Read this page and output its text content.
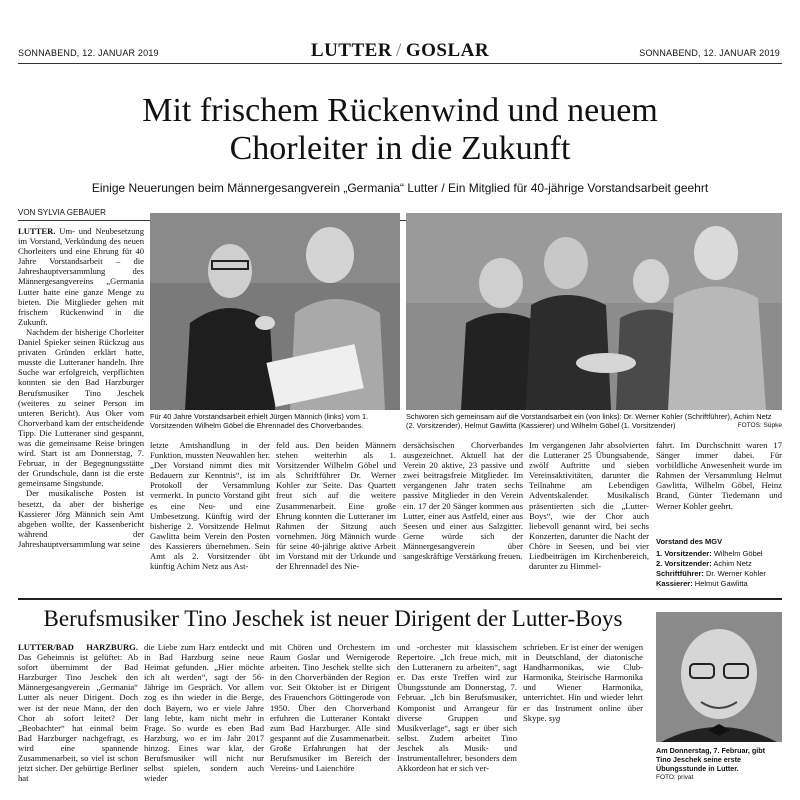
SONNABEND, 12. JANUAR 2019	LUTTER / GOSLAR	SONNABEND, 12. JANUAR 2019
Mit frischem Rückenwind und neuem
Chorleiter in die Zukunft
Einige Neuerungen beim Männergesangverein „Germania“ Lutter / Ein Mitglied für 40-jährige Vorstandsarbeit geehrt
VON SYLVIA GEBAUER

LUTTER. Um- und Neubesetzung im Vorstand, Verkündung des neuen Chorleiters und eine Ehrung für 40 Jahre Vorstandsarbeit – die Jahreshauptversammlung des Männergesangvereins „Germania Lutter hatte eine ganze Menge zu bieten. Die Mitglieder gehen mit frischem Rückenwind in die Zukunft.

Nachdem der bisherige Chorleiter Daniel Spieker seinen Rückzug aus privaten Gründen erklärt hatte, musste die Lutteraner handeln. Ihre Suche war erfolgreich, verpflichten konnten sie den Bad Harzburger Berufsmusiker Tino Jeschek (weiteres zu seiner Person im unteren Bericht). Aus Oker vom Chorverband kam der entscheidende Tipp. Die Lutteraner sind gespannt, was die gemeinsame Reise bringen wird. Start ist am Donnerstag, 7. Februar, in der Begegnungsstätte der Grundschule, dann ist die erste gemeinsame Singstunde.

Der musikalische Posten ist besetzt, da aber der bisherige Kassierer Jörg Männich sein Amt abgeben wollte, der Kassenbericht während der Jahreshauptversammlung war seine

Für 40 Jahre Vorstandsarbeit erhielt Jürgen Männich (links) vom 1. Vorsitzenden Wilhelm Göbel die Ehrennadel des Chorverbandes.
Schworen sich gemeinsam auf die Vorstandsarbeit ein (von links): Dr. Werner Kohler (Schriftführer), Achim Netz (2. Vorsitzender), Helmut Gawlitta (Kassierer) und Wilhelm Göbel (1. Vorsitzender)	FOTOS: Süpke

letzte Amtshandlung in der Funktion, mussten Neuwahlen her. „Der Vorstand nimmt dies mit Bedauern zur Kenntnis“, ist im Protokoll der Versammlung vermerkt. In puncto Vorstand gibt es eine Neu- und eine Umbesetzung. Künftig wird der bisherige 2. Vorsitzende Helmut Gawlitta beim Verein den Posten des Kassierers übernehmen. Sein Amt als 2. Vorsitzender übt künftig Achim Netz aus Ast-

feld aus. Den beiden Männern stehen weiterhin als 1. Vorsitzender Wilhelm Göbel und als Schriftführer Dr. Werner Kohler zur Seite. Das Quartett freut sich auf die weitere Zusammenarbeit. Eine große Ehrung konnten die Lutteraner im Rahmen der Sitzung auch vornehmen. Jörg Männich wurde für seine 40-jährige aktive Arbeit im Vorstand mit der Urkunde und der Ehrennadel des Nie-

dersächsischen Chorverbandes ausgezeichnet. Aktuell hat der Verein 20 aktive, 23 passive und zwei beitragsfreie Mitglieder. Im vergangenen Jahr traten sechs passive Mitglieder in den Verein ein. 17 der 20 Sänger kommen aus Lutter, einer aus Astfeld, einer aus Seesen und einer aus Salzgitter. Gerne würde sich der Männergesangverein über sangeskräftige Verstärkung freuen.

Im vergangenen Jahr absolvierten die Lutteraner 25 Übungsabende, zwölf Auftritte und sieben Vereinsaktivitäten, darunter die Teilnahme am Lebendigen Adventskalender. Musikalisch präsentierten sich die „Lutter-Boys“, wie der Chor auch liebevoll genannt wird, bei sechs Konzerten, darunter die Nacht der Chöre in Seesen, und bei vier Liedbeiträgen im Kirchenbereich, darunter zu Himmel-

fahrt. Im Durchschnitt waren 17 Sänger immer dabei. Für vorbildliche Anwesenheit wurde im Rahmen der Versammlung Helmut Gawlitta, Wilhelm Göbel, Heinz Brand, Günter Tiedemann und Werner Kohler geehrt.

Vorstand des MGV
1. Vorsitzender: Wilhelm Göbel
2. Vorsitzender: Achim Netz
Schriftführer: Dr. Werner Kohler
Kassierer: Helmut Gawlitta
Berufsmusiker Tino Jeschek ist neuer Dirigent der Lutter-Boys

LUTTER/BAD HARZBURG. Das Geheimnis ist gelüftet: Ab sofort übernimmt der Bad Harzburger Tino Jeschek den Männergesangverein „Germania“ Lutter als neuer Dirigent. Doch wer ist der neue Mann, der den Chor ab sofort leitet? Der „Beobachter“ hat einmal beim Bad Harzburger nachgefragt, es wird eine spannende Zusammenarbeit, so viel ist schon jetzt sicher. Der gebürtige Berliner hat

die Liebe zum Harz entdeckt und in Bad Harzburg seine neue Heimat gefunden. „Hier möchte ich alt werden“, sagt der 56-Jährige im Gespräch. Vor allem zog es ihn wieder in die Berge, doch Bayern, wo er viele Jahre lang lebte, kam nicht mehr in Frage. So wurde es eben Bad Harzburg, wo er im Jahr 2017 hinzog. Eines war klar, der Berufsmusiker will nicht nur selbst spielen, sondern auch wieder

mit Chören und Orchestern im Raum Goslar und Wernigerode arbeiten. Tino Jeschek stellte sich in den Chorverbänden der Region vor. Seit Oktober ist er Dirigent des Frauenchors Göttingerode von 1950. Über den Chorverband erfuhren die Lutteraner Kontakt zum Bad Harzburger. Alle sind gespannt auf die Zusammenarbeit. Große Erfahrungen hat der Berufsmusiker im Bereich der Vereins- und Laienchöre

und -orchester mit klassischem Repertoire. „Ich freue mich, mit den Lutteranern zu arbeiten“, sagt er. Das erste Treffen wird zur Übungsstunde am Donnerstag, 7. Februar. „Ich bin Berufsmusiker, Komponist und Arrangeur für diverse Gruppen und Musikverlage“, sagt er über sich selbst. Zudem arbeitet Tino Jeschek als Musik- und Instrumentallehrer, besonders dem Akkordeon hat er sich ver-

schrieben. Er ist einer der wenigen in Deutschland, der diatonische Handharmonikas, wie Club-Harmonika, Steirische Harmonika und Wiener Harmonika, unterrichtet. Hin und wieder lehrt er das Instrument online über Skype. syg

Am Donnerstag, 7. Februar, gibt Tino Jeschek seine erste Übungsstunde in Lutter.
FOTO: privat
